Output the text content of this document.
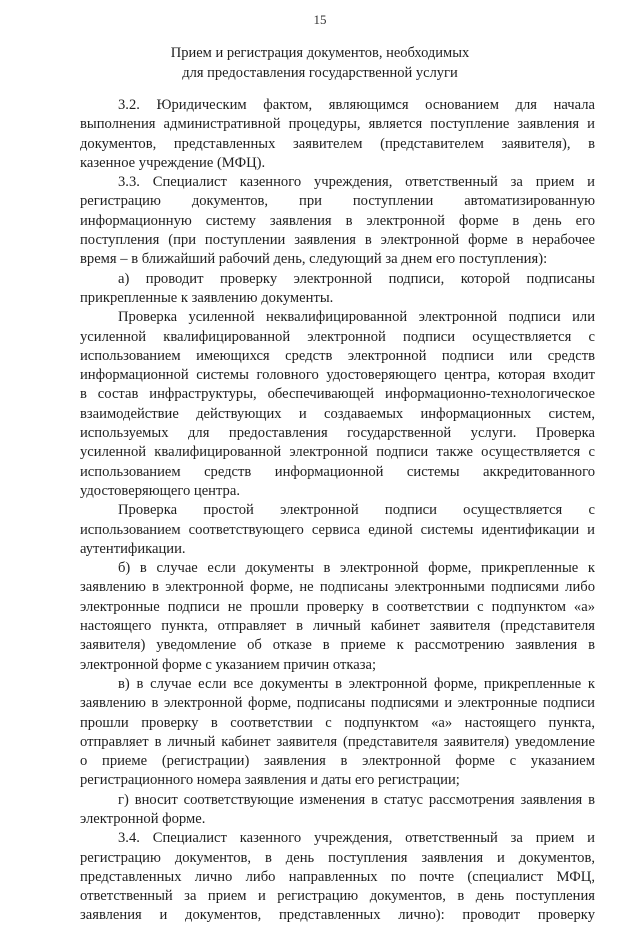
15
Прием и регистрация документов, необходимых
для предоставления государственной услуги
3.2. Юридическим фактом, являющимся основанием для начала
выполнения административной процедуры, является поступление заявления и
документов, представленных заявителем (представителем заявителя), в
казенное учреждение (МФЦ).
3.3. Специалист казенного учреждения, ответственный за прием и
регистрацию документов, при поступлении автоматизированную
информационную систему заявления в электронной форме в день его
поступления (при поступлении заявления в электронной форме в нерабочее
время – в ближайший рабочий день, следующий за днем его поступления):
а) проводит проверку электронной подписи, которой подписаны
прикрепленные к заявлению документы.
Проверка усиленной неквалифицированной электронной подписи или
усиленной квалифицированной электронной подписи осуществляется с
использованием имеющихся средств электронной подписи или средств
информационной системы головного удостоверяющего центра, которая входит
в состав инфраструктуры, обеспечивающей информационно-технологическое
взаимодействие действующих и создаваемых информационных систем,
используемых для предоставления государственной услуги. Проверка
усиленной квалифицированной электронной подписи также осуществляется с
использованием средств информационной системы аккредитованного
удостоверяющего центра.
Проверка простой электронной подписи осуществляется с
использованием соответствующего сервиса единой системы идентификации и
аутентификации.
б) в случае если документы в электронной форме, прикрепленные к
заявлению в электронной форме, не подписаны электронными подписями либо
электронные подписи не прошли проверку в соответствии с подпунктом «а»
настоящего пункта, отправляет в личный кабинет заявителя (представителя
заявителя) уведомление об отказе в приеме к рассмотрению заявления в
электронной форме с указанием причин отказа;
в) в случае если все документы в электронной форме, прикрепленные к
заявлению в электронной форме, подписаны подписями и электронные подписи
прошли проверку в соответствии с подпунктом «а» настоящего пункта,
отправляет в личный кабинет заявителя (представителя заявителя) уведомление
о приеме (регистрации) заявления в электронной форме с указанием
регистрационного номера заявления и даты его регистрации;
г) вносит соответствующие изменения в статус рассмотрения заявления в
электронной форме.
3.4. Специалист казенного учреждения, ответственный за прием и
регистрацию документов, в день поступления заявления и документов,
представленных лично либо направленных по почте (специалист МФЦ,
ответственный за прием и регистрацию документов, в день поступления
заявления и документов, представленных лично): проводит проверку
